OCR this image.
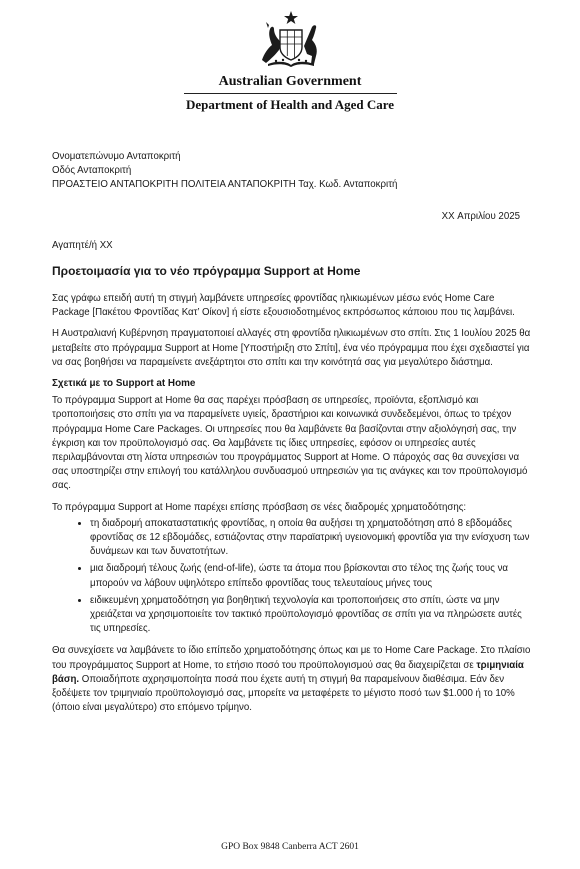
Australian Government
Department of Health and Aged Care
Ονοματεπώνυμο Ανταποκριτή
Οδός Ανταποκριτή
ΠΡΟΑΣΤΕΙΟ ΑΝΤΑΠΟΚΡΙΤΗ ΠΟΛΙΤΕΙΑ ΑΝΤΑΠΟΚΡΙΤΗ Ταχ. Κωδ. Ανταποκριτή
XX Απριλίου 2025
Αγαπητέ/ή XX
Προετοιμασία για το νέο πρόγραμμα Support at Home

Σας γράφω επειδή αυτή τη στιγμή λαμβάνετε υπηρεσίες φροντίδας ηλικιωμένων μέσω ενός Home Care Package [Πακέτου Φροντίδας Κατ’ Οίκον] ή είστε εξουσιοδοτημένος εκπρόσωπος κάποιου που τις λαμβάνει.

Η Αυστραλιανή Κυβέρνηση πραγματοποιεί αλλαγές στη φροντίδα ηλικιωμένων στο σπίτι. Στις 1 Ιουλίου 2025 θα μεταβείτε στο πρόγραμμα Support at Home [Υποστήριξη στο Σπίτι], ένα νέο πρόγραμμα που έχει σχεδιαστεί για να σας βοηθήσει να παραμείνετε ανεξάρτητοι στο σπίτι και την κοινότητά σας για μεγαλύτερο διάστημα.

Σχετικά με το Support at Home

Το πρόγραμμα Support at Home θα σας παρέχει πρόσβαση σε υπηρεσίες, προϊόντα, εξοπλισμό και τροποποιήσεις στο σπίτι για να παραμείνετε υγιείς, δραστήριοι και κοινωνικά συνδεδεμένοι, όπως το τρέχον πρόγραμμα Home Care Packages. Οι υπηρεσίες που θα λαμβάνετε θα βασίζονται στην αξιολόγησή σας, την έγκριση και τον προϋπολογισμό σας. Θα λαμβάνετε τις ίδιες υπηρεσίες, εφόσον οι υπηρεσίες αυτές περιλαμβάνονται στη λίστα υπηρεσιών του προγράμματος Support at Home. Ο πάροχός σας θα συνεχίσει να σας υποστηρίζει στην επιλογή του κατάλληλου συνδυασμού υπηρεσιών για τις ανάγκες και τον προϋπολογισμό σας.

Το πρόγραμμα Support at Home παρέχει επίσης πρόσβαση σε νέες διαδρομές χρηματοδότησης:

• τη διαδρομή αποκαταστατικής φροντίδας, η οποία θα αυξήσει τη χρηματοδότηση από 8 εβδομάδες φροντίδας σε 12 εβδομάδες, εστιάζοντας στην παραϊατρική υγειονομική φροντίδα για την ενίσχυση των δυνάμεων και των δυνατοτήτων.
• μια διαδρομή τέλους ζωής (end-of-life), ώστε τα άτομα που βρίσκονται στο τέλος της ζωής τους να μπορούν να λάβουν υψηλότερο επίπεδο φροντίδας τους τελευταίους μήνες τους
• ειδικευμένη χρηματοδότηση για βοηθητική τεχνολογία και τροποποιήσεις στο σπίτι, ώστε να μην χρειάζεται να χρησιμοποιείτε τον τακτικό προϋπολογισμό φροντίδας σε σπίτι για να πληρώσετε αυτές τις υπηρεσίες.

Θα συνεχίσετε να λαμβάνετε το ίδιο επίπεδο χρηματοδότησης όπως και με το Home Care Package. Στο πλαίσιο του προγράμματος Support at Home, το ετήσιο ποσό του προϋπολογισμού σας θα διαχειρίζεται σε τριμηνιαία βάση. Οποιαδήποτε αχρησιμοποίητα ποσά που έχετε αυτή τη στιγμή θα παραμείνουν διαθέσιμα. Εάν δεν ξοδέψετε τον τριμηνιαίο προϋπολογισμό σας, μπορείτε να μεταφέρετε το μέγιστο ποσό των $1.000 ή το 10% (όποιο είναι μεγαλύτερο) στο επόμενο τρίμηνο.

GPO Box 9848 Canberra ACT 2601
